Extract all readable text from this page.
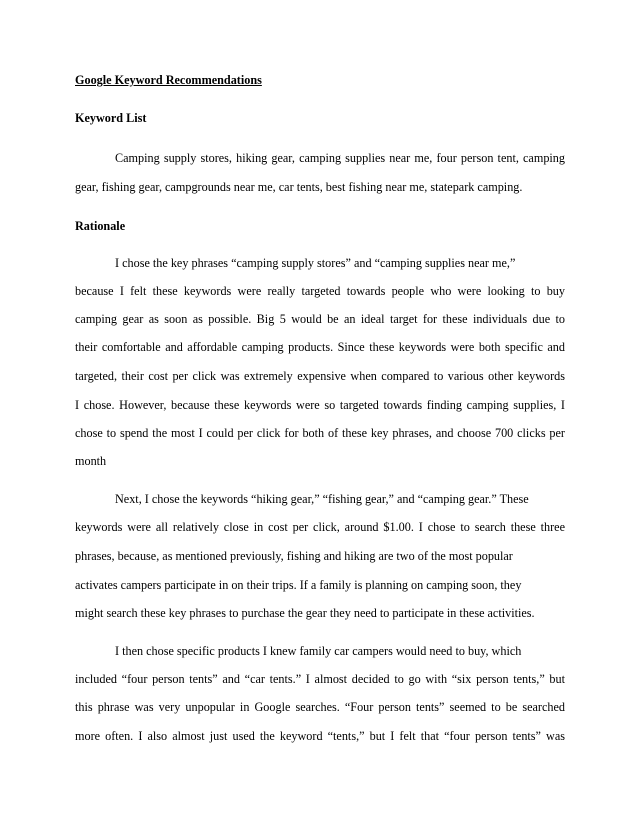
Google Keyword Recommendations
Keyword List
Camping supply stores, hiking gear, camping supplies near me, four person tent, camping
gear, fishing gear, campgrounds near me, car tents, best fishing near me, statepark camping.
Rationale
I chose the key phrases “camping supply stores” and “camping supplies near me,”
because I felt these keywords were really targeted towards people who were looking to buy
camping gear as soon as possible. Big 5 would be an ideal target for these individuals due to
their comfortable and affordable camping products. Since these keywords were both specific and
targeted, their cost per click was extremely expensive when compared to various other keywords
I chose. However, because these keywords were so targeted towards finding camping supplies, I
chose to spend the most I could per click for both of these key phrases, and choose 700 clicks per
month
Next, I chose the keywords “hiking gear,” “fishing gear,” and “camping gear.” These
keywords were all relatively close in cost per click, around $1.00. I chose to search these three
phrases, because, as mentioned previously, fishing and hiking are two of the most popular
activates campers participate in on their trips. If a family is planning on camping soon, they
might search these key phrases to purchase the gear they need to participate in these activities.
I then chose specific products I knew family car campers would need to buy, which
included “four person tents” and “car tents.” I almost decided to go with “six person tents,” but
this phrase was very unpopular in Google searches. “Four person tents” seemed to be searched
more often. I also almost just used the keyword “tents,” but I felt that “four person tents” was
